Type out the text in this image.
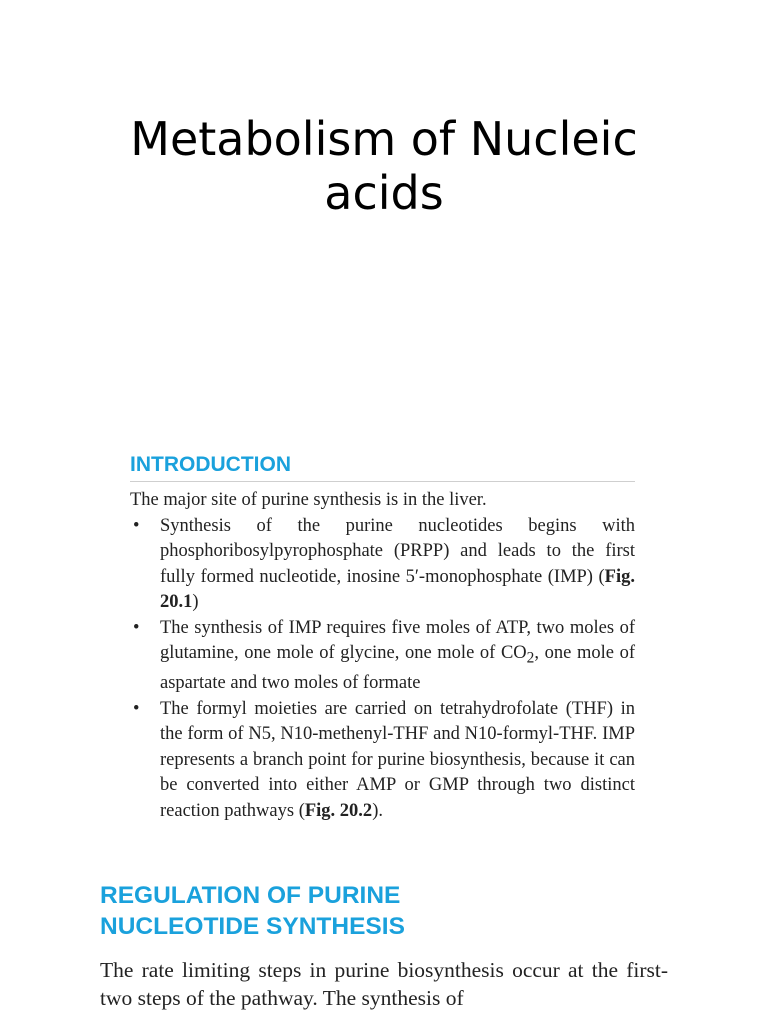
Metabolism of Nucleic
acids
INTRODUCTION

The major site of purine synthesis is in the liver.

• Synthesis of the purine nucleotides begins with phosphoribosylpyrophosphate (PRPP) and leads to the first fully formed nucleotide, inosine 5′-monophosphate (IMP) (Fig. 20.1)
• The synthesis of IMP requires five moles of ATP, two moles of glutamine, one mole of glycine, one mole of $CO_2$, one mole of aspartate and two moles of formate
• The formyl moieties are carried on tetrahydrofolate (THF) in the form of N5, N10-methenyl-THF and N10-formyl-THF. IMP represents a branch point for purine biosynthesis, because it can be converted into either AMP or GMP through two distinct reaction pathways (Fig. 20.2).
REGULATION OF PURINE
NUCLEOTIDE SYNTHESIS

The rate limiting steps in purine biosynthesis occur at the first-two steps of the pathway. The synthesis of
